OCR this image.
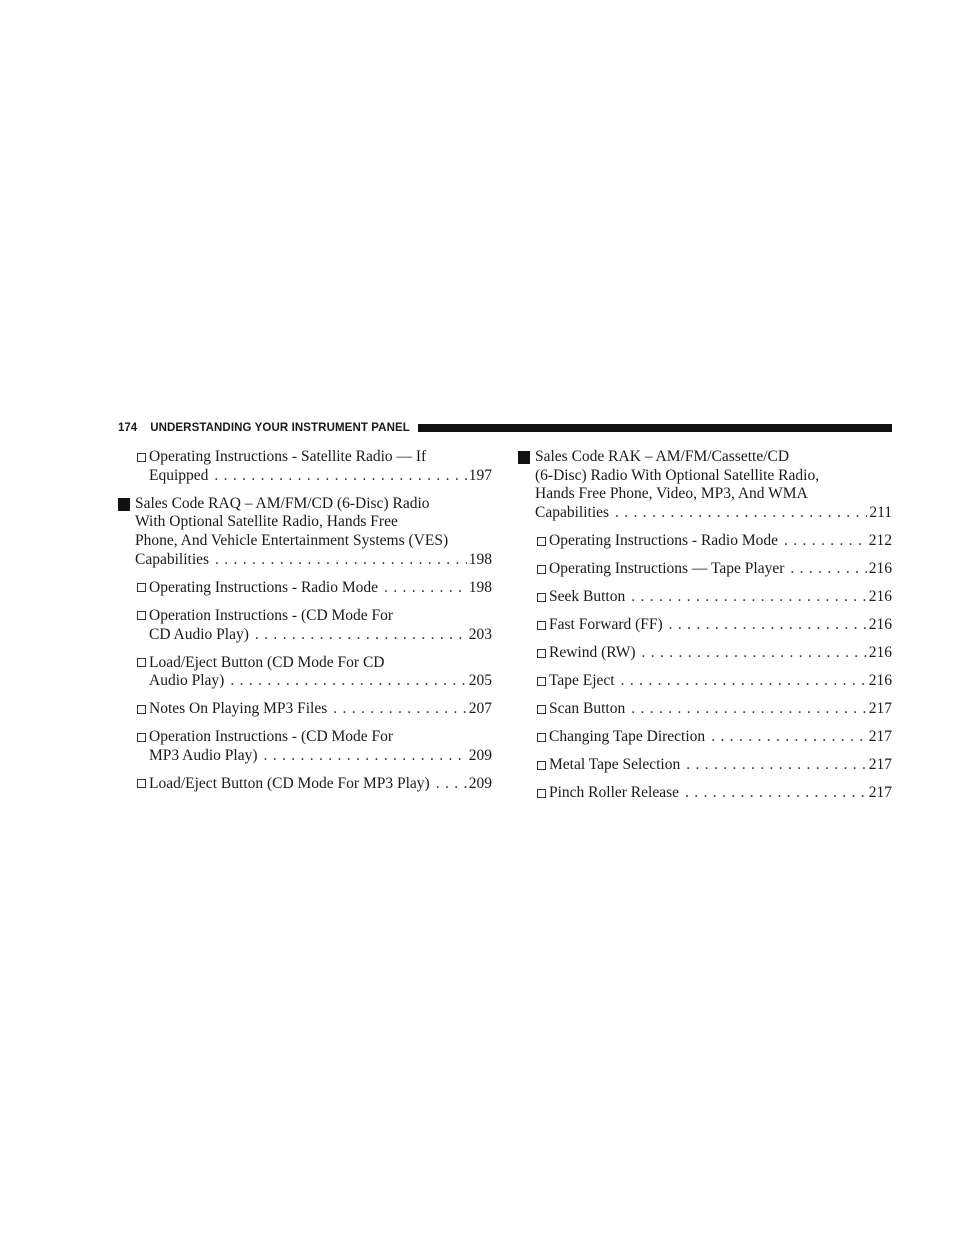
174 UNDERSTANDING YOUR INSTRUMENT PANEL
Operating Instructions - Satellite Radio — If
Equipped . . .	197
Sales Code RAQ – AM/FM/CD (6-Disc) Radio
With Optional Satellite Radio, Hands Free
Phone, And Vehicle Entertainment Systems (VES)
Capabilities . . .	198
Operating Instructions - Radio Mode . . .	198
Operation Instructions - (CD Mode For
CD Audio Play) . . .	203
Load/Eject Button (CD Mode For CD
Audio Play) . . .	205
Notes On Playing MP3 Files . . .	207
Operation Instructions - (CD Mode For
MP3 Audio Play) . . .	209
Load/Eject Button (CD Mode For MP3 Play) . . .	209
Sales Code RAK – AM/FM/Cassette/CD
(6-Disc) Radio With Optional Satellite Radio,
Hands Free Phone, Video, MP3, And WMA
Capabilities . . .	211
Operating Instructions - Radio Mode . . .	212
Operating Instructions — Tape Player . . .	216
Seek Button . . .	216
Fast Forward (FF) . . .	216
Rewind (RW) . . .	216
Tape Eject . . .	216
Scan Button . . .	217
Changing Tape Direction . . .	217
Metal Tape Selection . . .	217
Pinch Roller Release . . .	217
